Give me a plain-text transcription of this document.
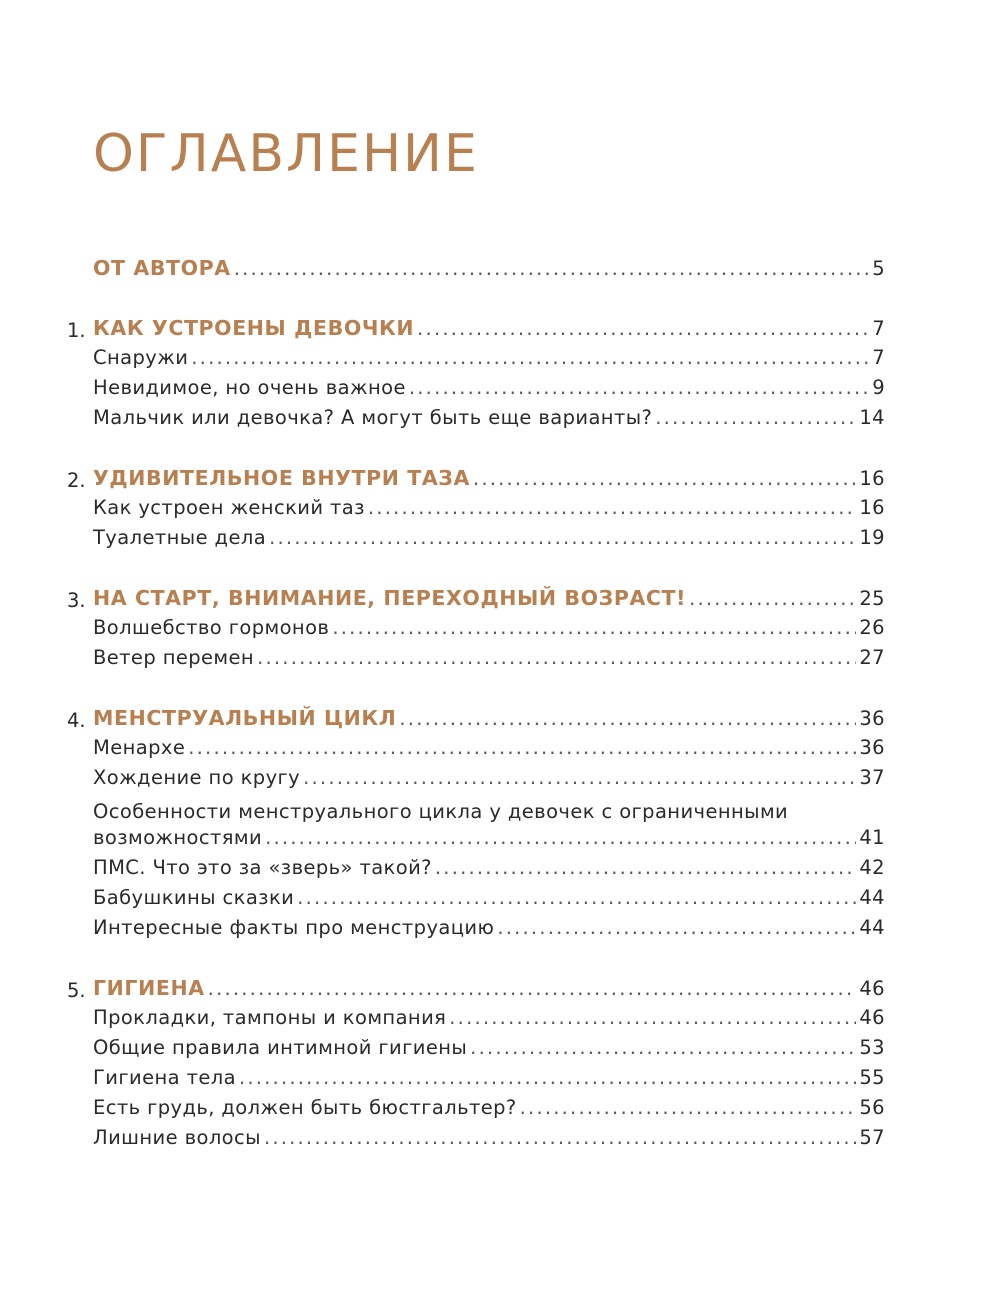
ОГЛАВЛЕНИЕ
ОТ АВТОРА .....	5
1. КАК УСТРОЕНЫ ДЕВОЧКИ .....	7
Снаружи .....	7
Невидимое, но очень важное .....	9
Мальчик или девочка? А могут быть еще варианты? .....	14
2. УДИВИТЕЛЬНОЕ ВНУТРИ ТАЗА .....	16
Как устроен женский таз .....	16
Туалетные дела .....	19
3. НА СТАРТ, ВНИМАНИЕ, ПЕРЕХОДНЫЙ ВОЗРАСТ! .....	25
Волшебство гормонов .....	26
Ветер перемен .....	27
4. МЕНСТРУАЛЬНЫЙ ЦИКЛ .....	36
Менархе .....	36
Хождение по кругу .....	37
Особенности менструального цикла у девочек с ограниченными
возможностями .....	41
ПМС. Что это за «зверь» такой? .....	42
Бабушкины сказки .....	44
Интересные факты про менструацию .....	44
5. ГИГИЕНА .....	46
Прокладки, тампоны и компания .....	46
Общие правила интимной гигиены .....	53
Гигиена тела .....	55
Есть грудь, должен быть бюстгальтер? .....	56
Лишние волосы .....	57
